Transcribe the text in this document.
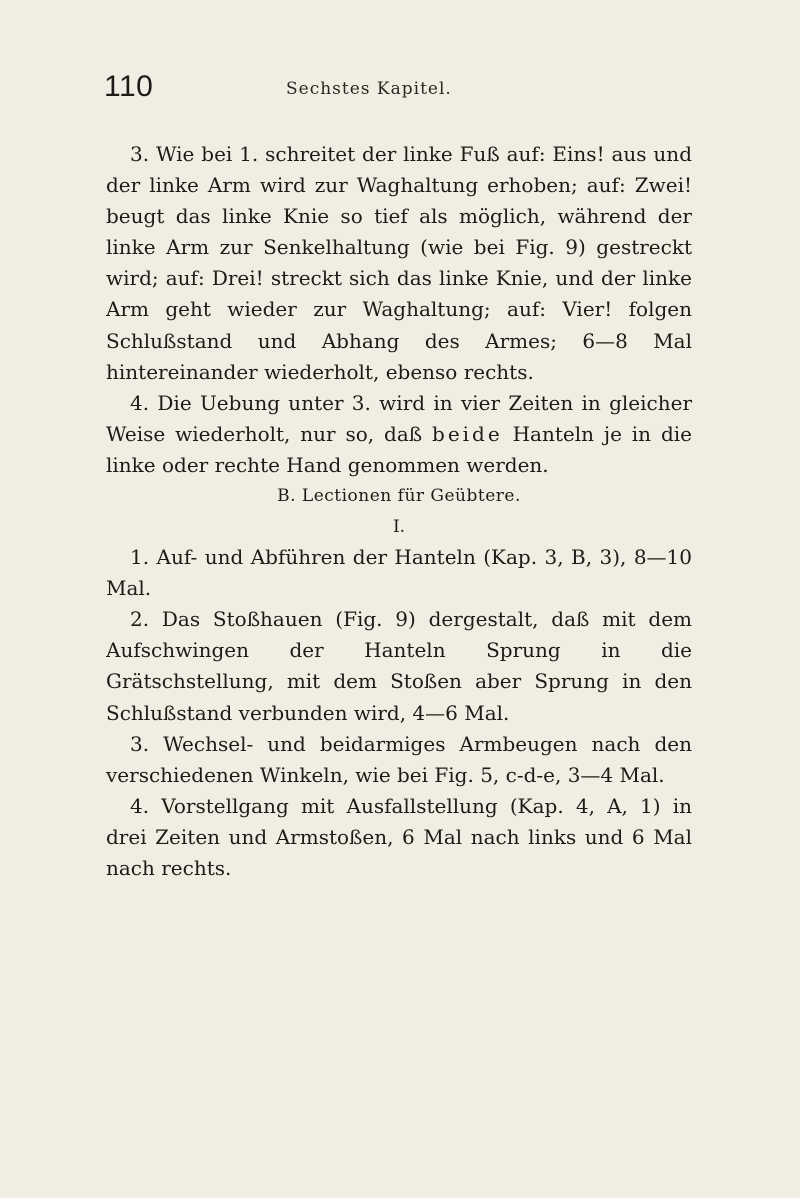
110	Sechstes Kapitel.

3. Wie bei 1. schreitet der linke Fuß auf: Eins! aus und der linke Arm wird zur Waghaltung erhoben; auf: Zwei! beugt das linke Knie so tief als möglich, während der linke Arm zur Senkelhaltung (wie bei Fig. 9) gestreckt wird; auf: Drei! streckt sich das linke Knie, und der linke Arm geht wieder zur Waghaltung; auf: Vier! folgen Schlußstand und Abhang des Armes; 6—8 Mal hintereinander wiederholt, ebenso rechts.

4. Die Uebung unter 3. wird in vier Zeiten in gleicher Weise wiederholt, nur so, daß beide Hanteln je in die linke oder rechte Hand genommen werden.

B. Lectionen für Geübtere.

I.

1. Auf- und Abführen der Hanteln (Kap. 3, B, 3), 8—10 Mal.

2. Das Stoßhauen (Fig. 9) dergestalt, daß mit dem Aufschwingen der Hanteln Sprung in die Grätschstellung, mit dem Stoßen aber Sprung in den Schlußstand verbunden wird, 4—6 Mal.

3. Wechsel- und beidarmiges Armbeugen nach den verschiedenen Winkeln, wie bei Fig. 5, c-d-e, 3—4 Mal.

4. Vorstellgang mit Ausfallstellung (Kap. 4, A, 1) in drei Zeiten und Armstoßen, 6 Mal nach links und 6 Mal nach rechts.
